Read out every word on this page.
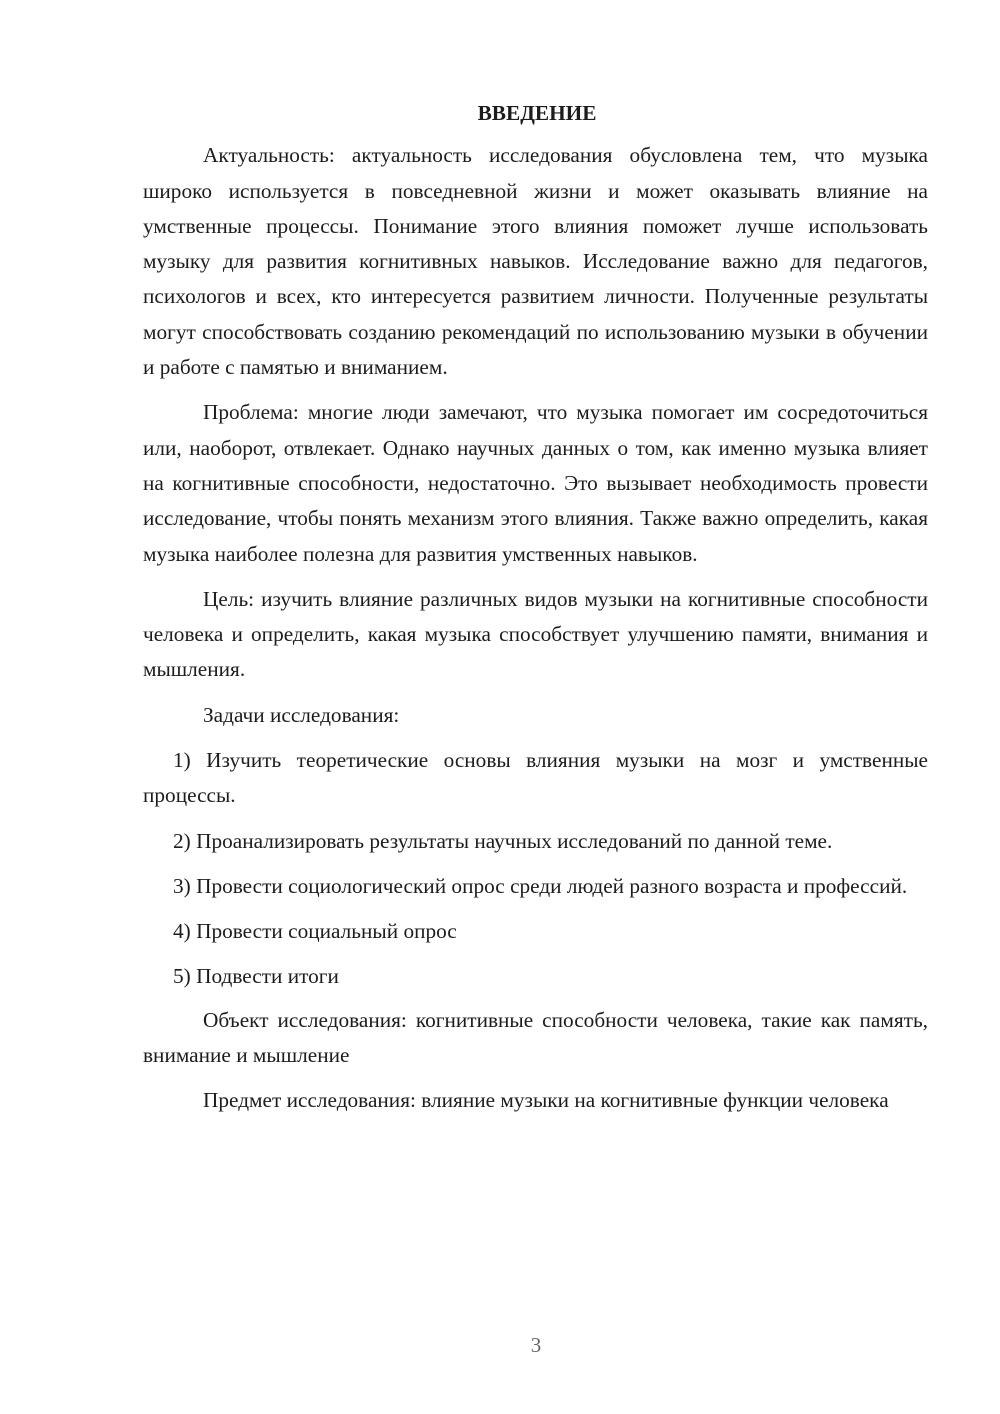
ВВЕДЕНИЕ

Актуальность: актуальность исследования обусловлена тем, что музыка широко используется в повседневной жизни и может оказывать влияние на умственные процессы. Понимание этого влияния поможет лучше использовать музыку для развития когнитивных навыков. Исследование важно для педагогов, психологов и всех, кто интересуется развитием личности. Полученные результаты могут способствовать созданию рекомендаций по использованию музыки в обучении и работе с памятью и вниманием.

Проблема: многие люди замечают, что музыка помогает им сосредоточиться или, наоборот, отвлекает. Однако научных данных о том, как именно музыка влияет на когнитивные способности, недостаточно. Это вызывает необходимость провести исследование, чтобы понять механизм этого влияния. Также важно определить, какая музыка наиболее полезна для развития умственных навыков.

Цель: изучить влияние различных видов музыки на когнитивные способности человека и определить, какая музыка способствует улучшению памяти, внимания и мышления.

Задачи исследования:

1) Изучить теоретические основы влияния музыки на мозг и умственные процессы.

2) Проанализировать результаты научных исследований по данной теме.

3) Провести социологический опрос среди людей разного возраста и профессий.

4) Провести социальный опрос

5) Подвести итоги

Объект исследования: когнитивные способности человека, такие как память, внимание и мышление

Предмет исследования: влияние музыки на когнитивные функции человека

3
